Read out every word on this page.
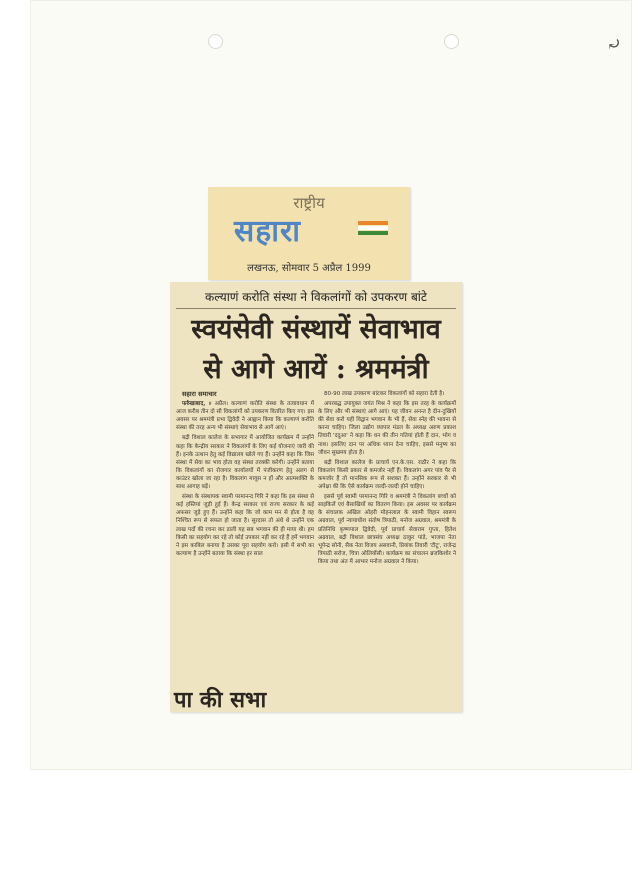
⤾
राष्ट्रीय
सहारा
लखनऊ, सोमवार 5 अप्रैल 1999
कल्याणं करोति संस्था ने विकलांगों को उपकरण बांटे
स्वयंसेवी संस्थायें सेवाभाव
से आगे आयें : श्रममंत्री

सहारा समाचार

फर्रुखाबाद, ४ अप्रैल। कल्याणं करोति संस्था के तत्वावधान में आज करीब तीन दो सौ विकलांगों को उपकरण वितरित किए गए। इस अवसर पर श्रममंत्री प्रभा द्विवेदी ने आह्वान किया कि कल्याणं करोति संस्था की तरह अन्य भी संस्थाएं सेवाभाव से आगे आएं।

बद्री विशाल कालेज के सभागार में आयोजित कार्यक्रम में उन्होंने कहा कि केन्द्रीय सरकार ने विकलांगों के लिए कई योजनाएं जारी की हैं। इनके उत्थान हेतु कई विद्यालय खोले गए हैं। उन्होंने कहा कि जिस संस्था में सेवा का भाव होता वह संस्था तरक्की करेगी। उन्होंने बताया कि विकलांगों का रोजगार कार्यालयों में पंजीकरण हेतु अलग से काउंटर खोला जा रहा है। विकलांग मायूस न हों और आत्मशक्ति के साथ आगाह बढ़ें।

संस्था के संस्थापक स्वामी परमानन्द गिरि ने कहा कि इस संस्था से कई हस्तियां जुड़ी हुई हैं। केन्द्र सरकार एवं राज्य सरकार के कई अफसर जुड़े हुए हैं। उन्होंने कहा कि जो काम मन से होता है वह निश्चित रूप से सफल हो जाता है। सूरदास तो अंधे थे उन्होंने एक लाख पदों की रचना कर डाली यह सब भगवान की ही माया थी। हम किसी का सहयोग कर रहे तो कोई उपकार नहीं कर रहे हैं हमें भगवान ने इस काबिल बनाया है उसका पूरा सहयोग करो। इसी में सभी का कल्याण है उन्होंने बताया कि संस्था हर साल

80-90 लाख उपकरण बांटकर विकलांगों को सहारा देती है।

अपरबद्ध उपायुक्त जयंत मिश्र ने कहा कि इस तरह के कार्यक्रमों के लिए और भी संस्थाएं आगे आएं। यह जीवन अनन्त है दीन-दुखियों की सेवा करो यही विद्वान भगवान के भी हैं, सेवा स्नेह की भावना से करना चाहिए। जिला उद्योग व्यापार मंडल के अध्यक्ष अरुण प्रकाश तिवारी 'ददुआ' ने कहा कि धन की तीन गतियां होती हैं दान, भोग व नाश। इसलिए दान पर अधिक ध्यान देना चाहिए, इससे मनुष्य का जीवन सुखमय होता है।

बद्री विशाल कालेज के प्राचार्य एन.के.एस. राठौर ने कहा कि विकलांग किसी प्रकार से कमजोर नहीं हैं। विकलांग अगर पांव पैर से कमजोर हैं तो मानसिक रूप से सशक्त हैं। उन्होंने सरकार से भी अपेक्षा की कि ऐसे कार्यक्रम जल्दी-जल्दी होने चाहिए।

इससे पूर्व स्वामी परमानन्द गिरि व श्रममंत्री ने विकलांग बच्चों को साइकिलें एवं बैसाखियों का वितरण किया। इस अवसर पर कार्यक्रम के संचालक अखिल ओहरी मोहनलाल के स्वामी विहान स्वरूप अग्रवाल, पूर्व न्यायाधीश संतोष त्रिपाठी, मनोज अग्रवाल, श्रममंत्री के प्रतिनिधि कृष्णपाल द्विवेदी, पूर्व प्राचार्य सेवाराम गुप्ता, हितेश अग्रवाल, बद्री विशाल छात्रसंघ अध्यक्ष ठाकुर पांडे, भाजपा नेता भूपेन्द्र सोनी, सैक नेता विजय असवानी, प्रियांक तिवारी 'टीटू', राजेन्द्र त्रिपाठी सरोज, चित्रा ओलियोंसी। कार्यक्रम का संचालन ब्रजकिशोर ने किया तथा अंत में आभार मनोज अग्रवाल ने किया।

पा की सभा
